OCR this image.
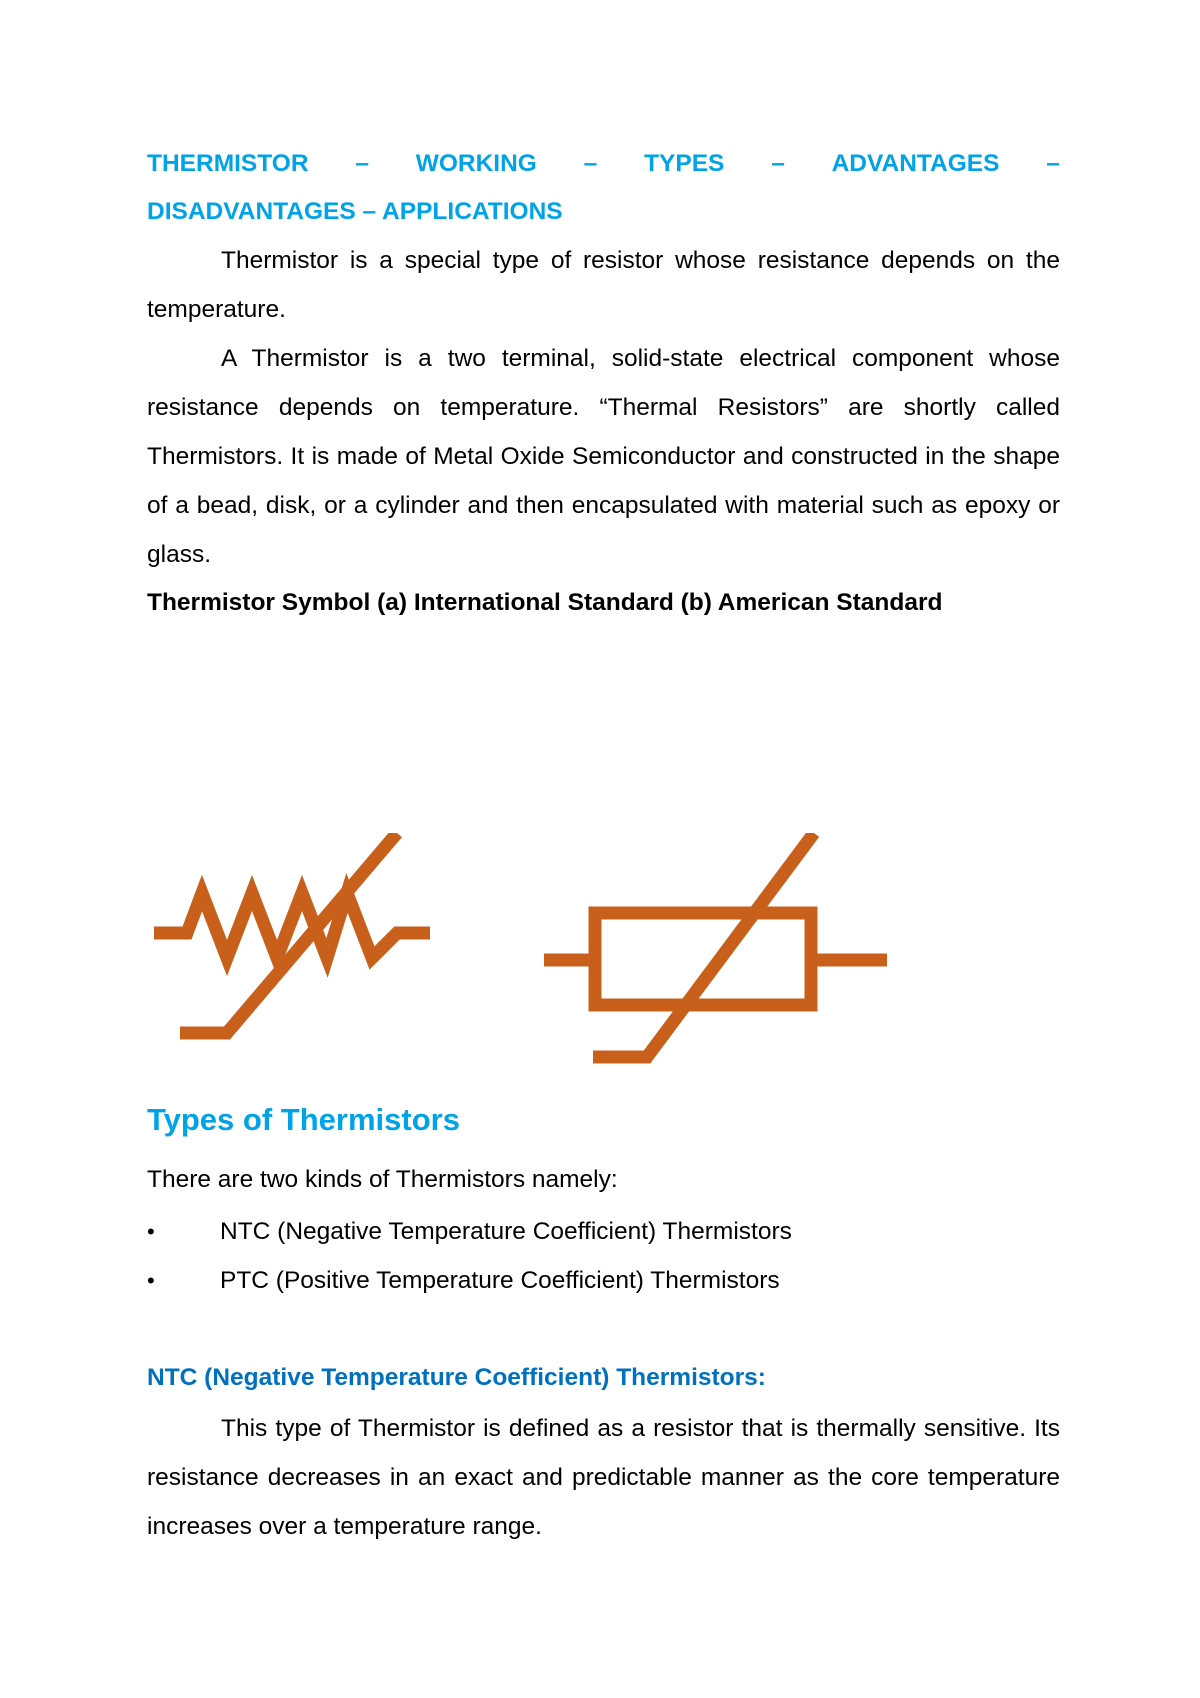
THERMISTOR – WORKING – TYPES – ADVANTAGES –
DISADVANTAGES – APPLICATIONS

Thermistor is a special type of resistor whose resistance depends on the temperature.

A Thermistor is a two terminal, solid-state electrical component whose resistance depends on temperature. “Thermal Resistors” are shortly called Thermistors. It is made of Metal Oxide Semiconductor and constructed in the shape of a bead, disk, or a cylinder and then encapsulated with material such as epoxy or glass.

Thermistor Symbol (a) International Standard (b) American Standard

Types of Thermistors

There are two kinds of Thermistors namely:

•	NTC (Negative Temperature Coefficient) Thermistors
•	PTC (Positive Temperature Coefficient) Thermistors
NTC (Negative Temperature Coefficient) Thermistors:

This type of Thermistor is defined as a resistor that is thermally sensitive. Its resistance decreases in an exact and predictable manner as the core temperature increases over a temperature range.
